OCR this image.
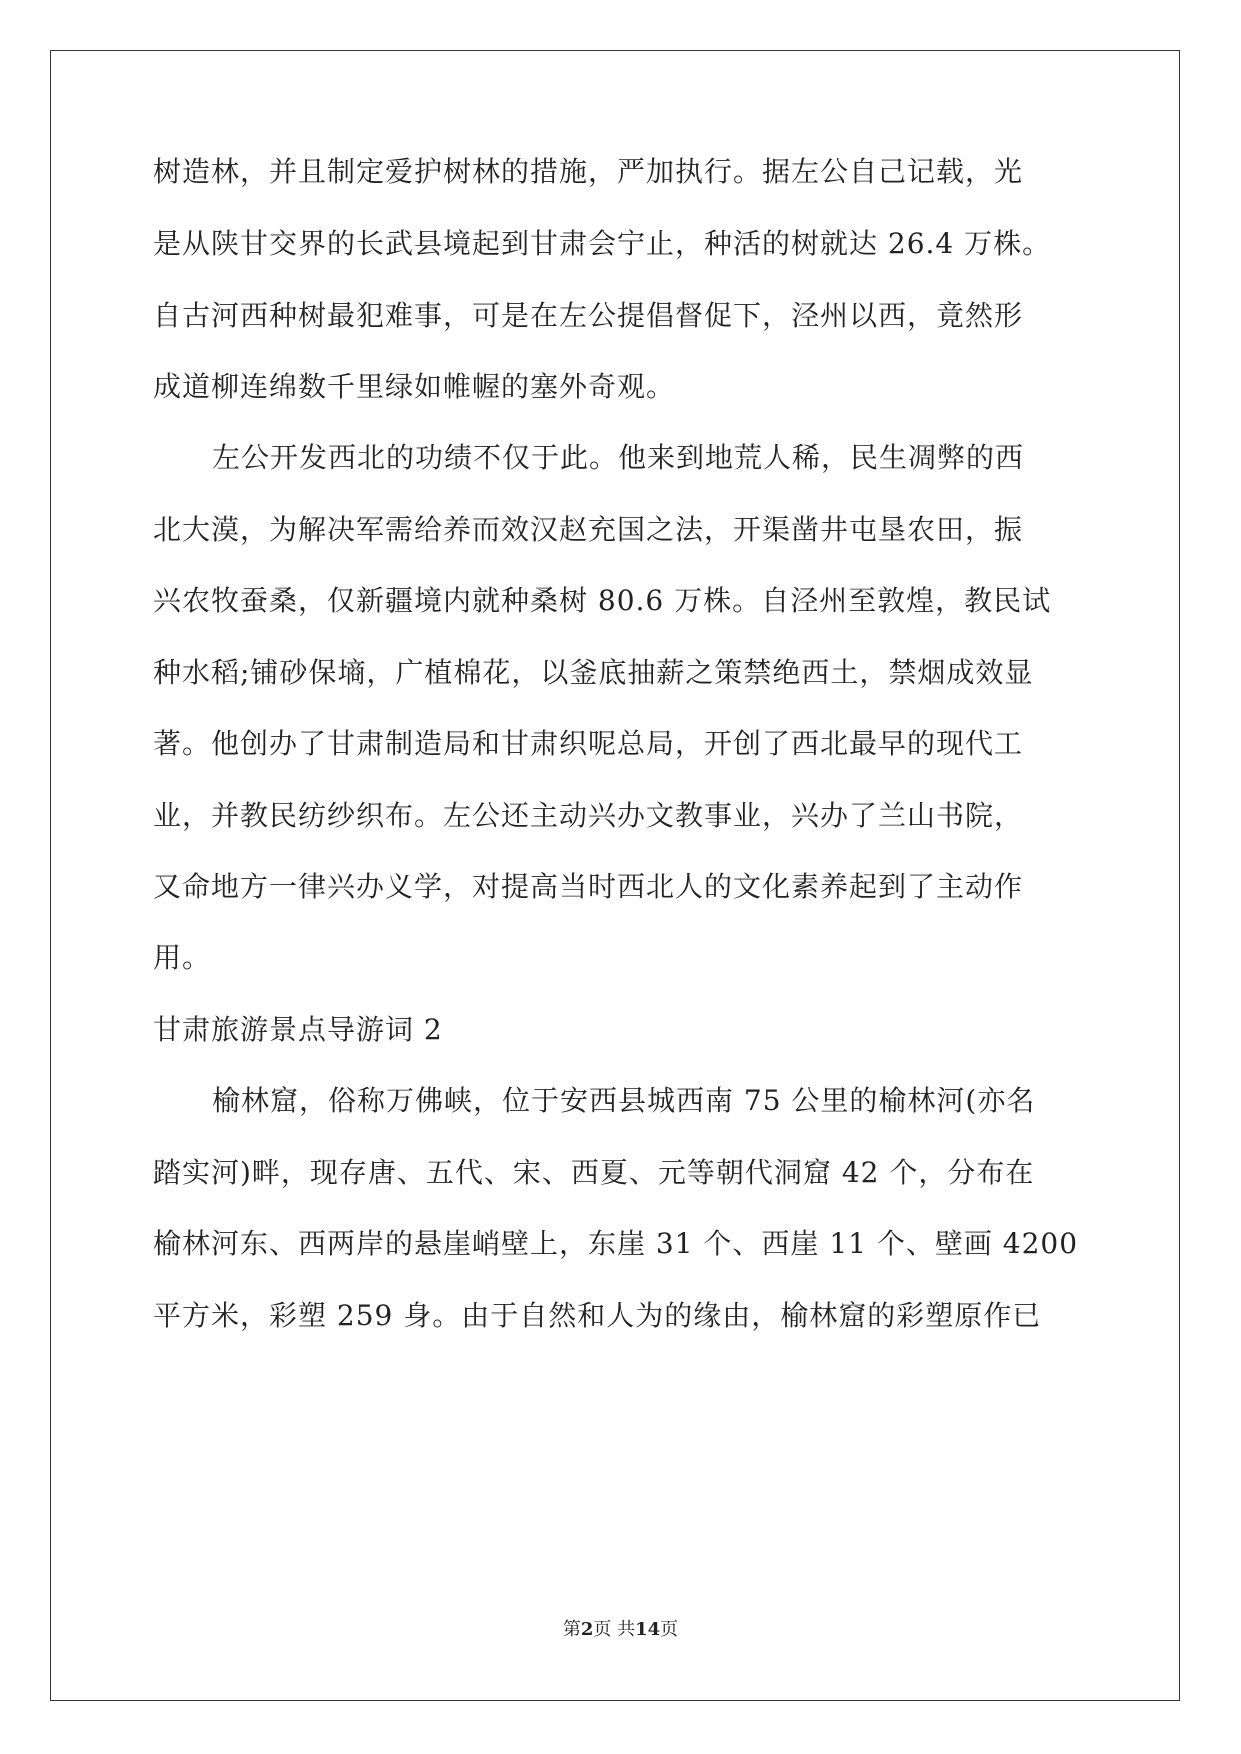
树造林，并且制定爱护树林的措施，严加执行。据左公自己记载，光
是从陕甘交界的长武县境起到甘肃会宁止，种活的树就达 26.4 万株。
自古河西种树最犯难事，可是在左公提倡督促下，泾州以西，竟然形
成道柳连绵数千里绿如帷幄的塞外奇观。
左公开发西北的功绩不仅于此。他来到地荒人稀，民生凋弊的西
北大漠，为解决军需给养而效汉赵充国之法，开渠凿井屯垦农田，振
兴农牧蚕桑，仅新疆境内就种桑树 80.6 万株。自泾州至敦煌，教民试
种水稻;铺砂保墒，广植棉花，以釜底抽薪之策禁绝西土，禁烟成效显
著。他创办了甘肃制造局和甘肃织呢总局，开创了西北最早的现代工
业，并教民纺纱织布。左公还主动兴办文教事业，兴办了兰山书院，
又命地方一律兴办义学，对提高当时西北人的文化素养起到了主动作
用。
甘肃旅游景点导游词 2
榆林窟，俗称万佛峡，位于安西县城西南 75 公里的榆林河(亦名
踏实河)畔，现存唐、五代、宋、西夏、元等朝代洞窟 42 个，分布在
榆林河东、西两岸的悬崖峭壁上，东崖 31 个、西崖 11 个、壁画 4200
平方米，彩塑 259 身。由于自然和人为的缘由，榆林窟的彩塑原作已
第2页 共14页
